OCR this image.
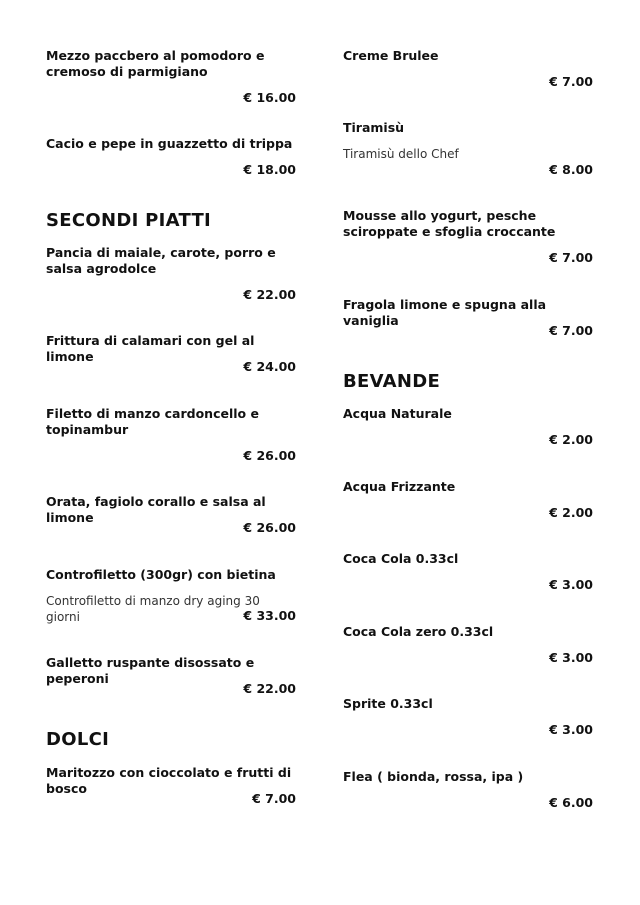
Mezzo paccbero al pomodoro e cremoso di parmigiano

€ 16.00

Cacio e pepe in guazzetto di trippa

€ 18.00
SECONDI PIATTI

Pancia di maiale, carote, porro e salsa agrodolce

€ 22.00

Frittura di calamari con gel al limone

€ 24.00

Filetto di manzo cardoncello e topinambur

€ 26.00

Orata, fagiolo corallo e salsa al limone

€ 26.00

Controfiletto (300gr) con bietina

Controfiletto di manzo dry aging 30 giorni	€ 33.00

Galletto ruspante disossato e peperoni

€ 22.00
DOLCI

Maritozzo con cioccolato e frutti di bosco

€ 7.00

Creme Brulee

€ 7.00

Tiramisù

Tiramisù dello Chef
€ 8.00

Mousse allo yogurt, pesche sciroppate e sfoglia croccante

€ 7.00

Fragola limone e spugna alla vaniglia

€ 7.00
BEVANDE

Acqua Naturale

€ 2.00

Acqua Frizzante

€ 2.00

Coca Cola 0.33cl

€ 3.00

Coca Cola zero 0.33cl

€ 3.00

Sprite 0.33cl

€ 3.00

Flea ( bionda, rossa, ipa )

€ 6.00
